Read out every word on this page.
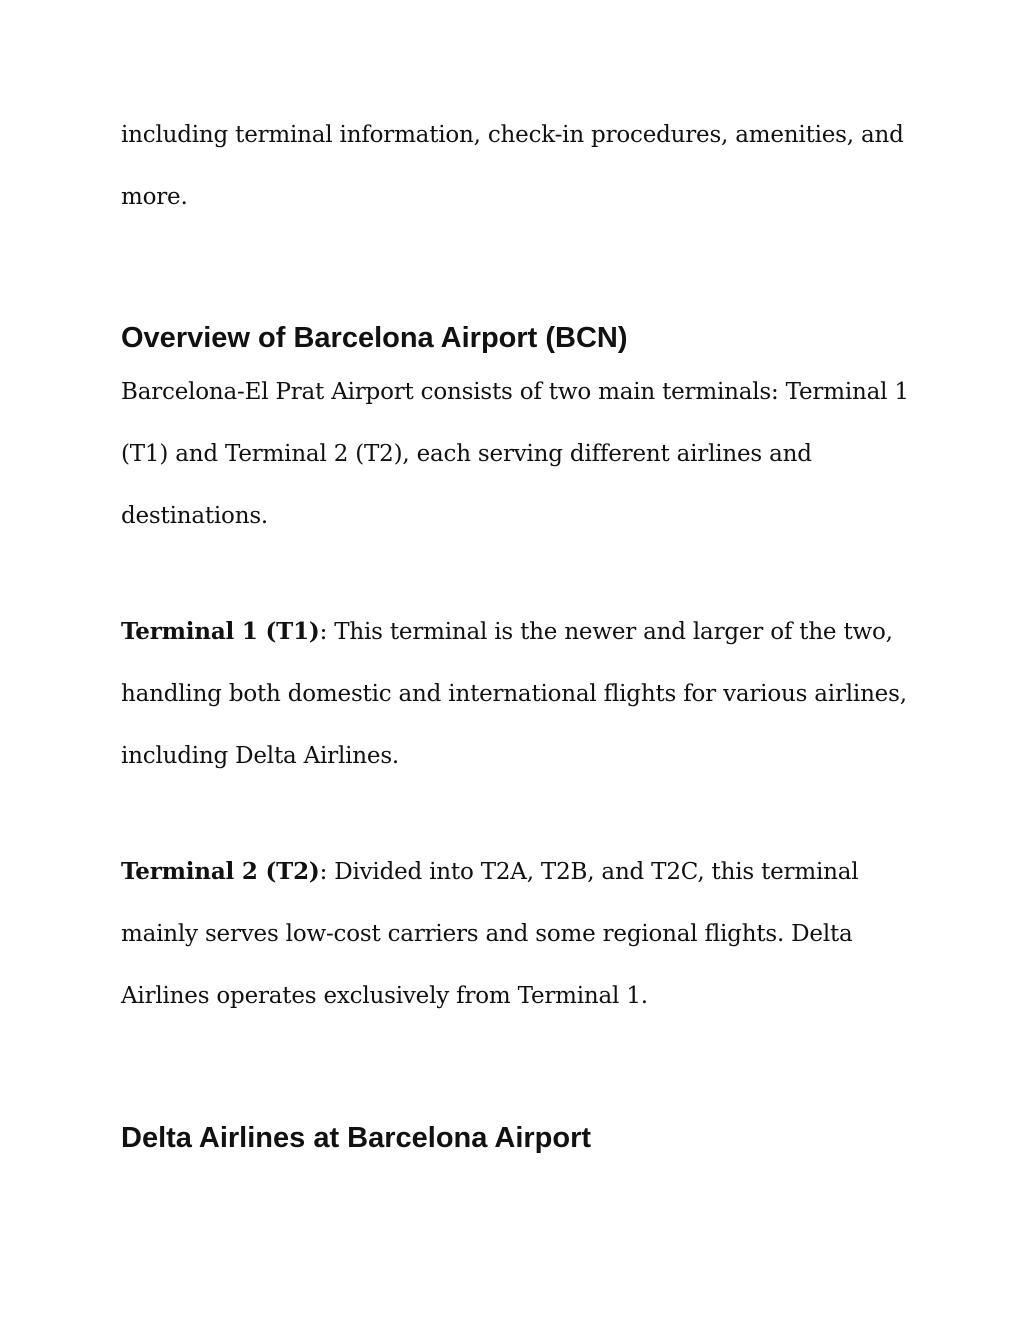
including terminal information, check-in procedures, amenities, and
more.
Overview of Barcelona Airport (BCN)
Barcelona-El Prat Airport consists of two main terminals: Terminal 1
(T1) and Terminal 2 (T2), each serving different airlines and
destinations.
Terminal 1 (T1): This terminal is the newer and larger of the two,
handling both domestic and international flights for various airlines,
including Delta Airlines.
Terminal 2 (T2): Divided into T2A, T2B, and T2C, this terminal
mainly serves low-cost carriers and some regional flights. Delta
Airlines operates exclusively from Terminal 1.
Delta Airlines at Barcelona Airport
